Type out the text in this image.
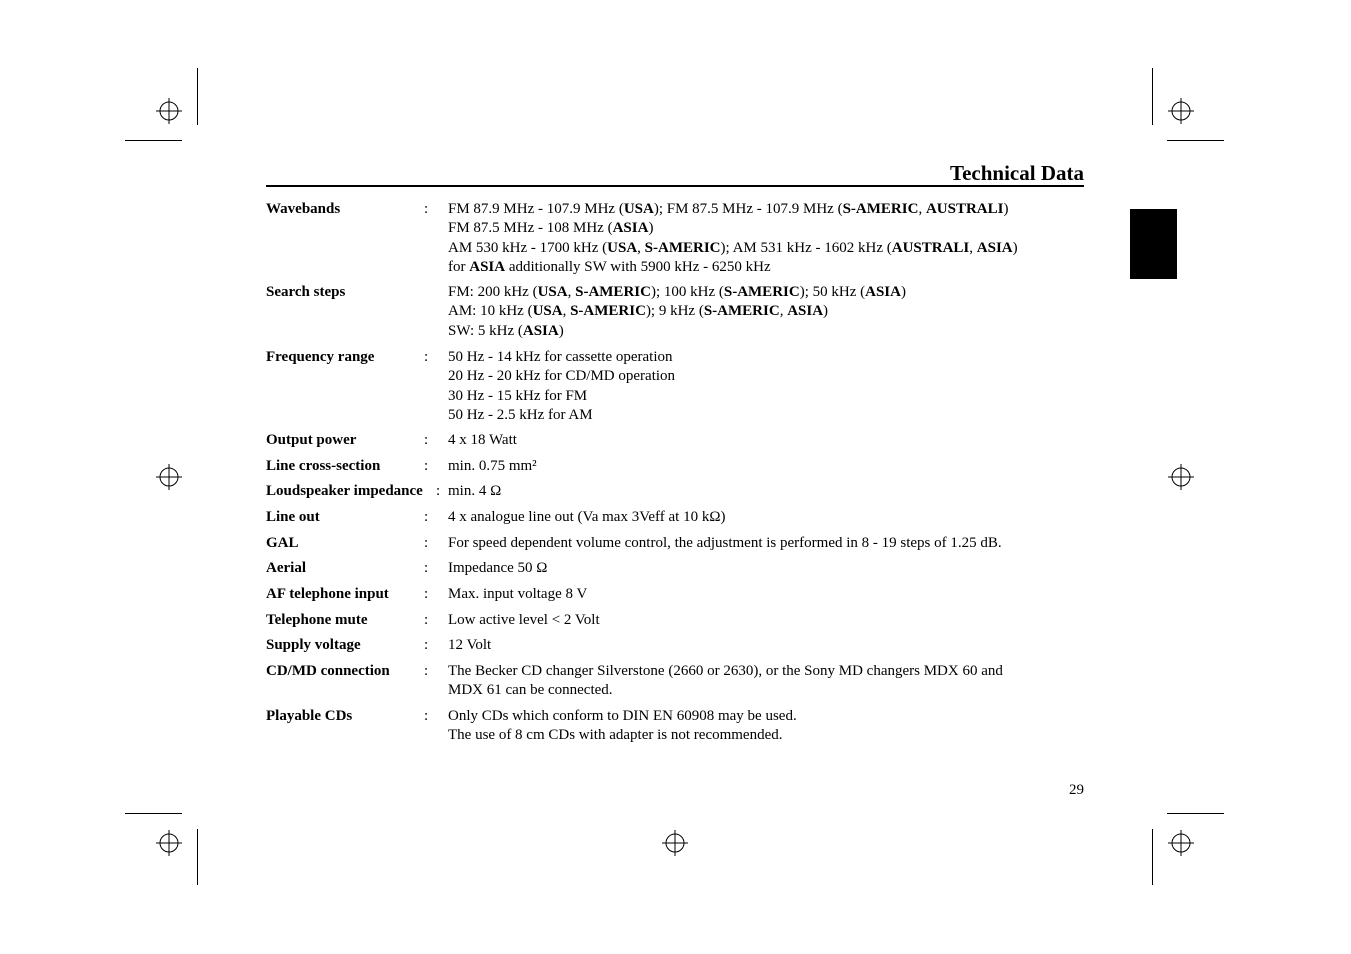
Technical Data
Wavebands	: FM 87.9 MHz - 107.9 MHz (USA); FM 87.5 MHz - 107.9 MHz (S-AMERIC, AUSTRALI)
FM 87.5 MHz - 108 MHz (ASIA)
AM 530 kHz - 1700 kHz (USA, S-AMERIC); AM 531 kHz - 1602 kHz (AUSTRALI, ASIA)
for ASIA additionally SW with 5900 kHz - 6250 kHz
Search steps	FM: 200 kHz (USA, S-AMERIC); 100 kHz (S-AMERIC); 50 kHz (ASIA)
AM: 10 kHz (USA, S-AMERIC); 9 kHz (S-AMERIC, ASIA)
SW: 5 kHz (ASIA)
Frequency range	: 50 Hz - 14 kHz for cassette operation
20 Hz - 20 kHz for CD/MD operation
30 Hz - 15 kHz for FM
50 Hz - 2.5 kHz for AM
Output power	: 4 x 18 Watt
Line cross-section	: min. 0.75 mm²
Loudspeaker impedance : min. 4 Ω
Line out	: 4 x analogue line out (Va max 3Veff at 10 kΩ)
GAL	: For speed dependent volume control, the adjustment is performed in 8 - 19 steps of 1.25 dB.
Aerial	: Impedance 50 Ω
AF telephone input : Max. input voltage 8 V
Telephone mute	: Low active level < 2 Volt
Supply voltage	: 12 Volt
CD/MD connection : The Becker CD changer Silverstone (2660 or 2630), or the Sony MD changers MDX 60 and
MDX 61 can be connected.
Playable CDs	: Only CDs which conform to DIN EN 60908 may be used.
The use of 8 cm CDs with adapter is not recommended.
29
